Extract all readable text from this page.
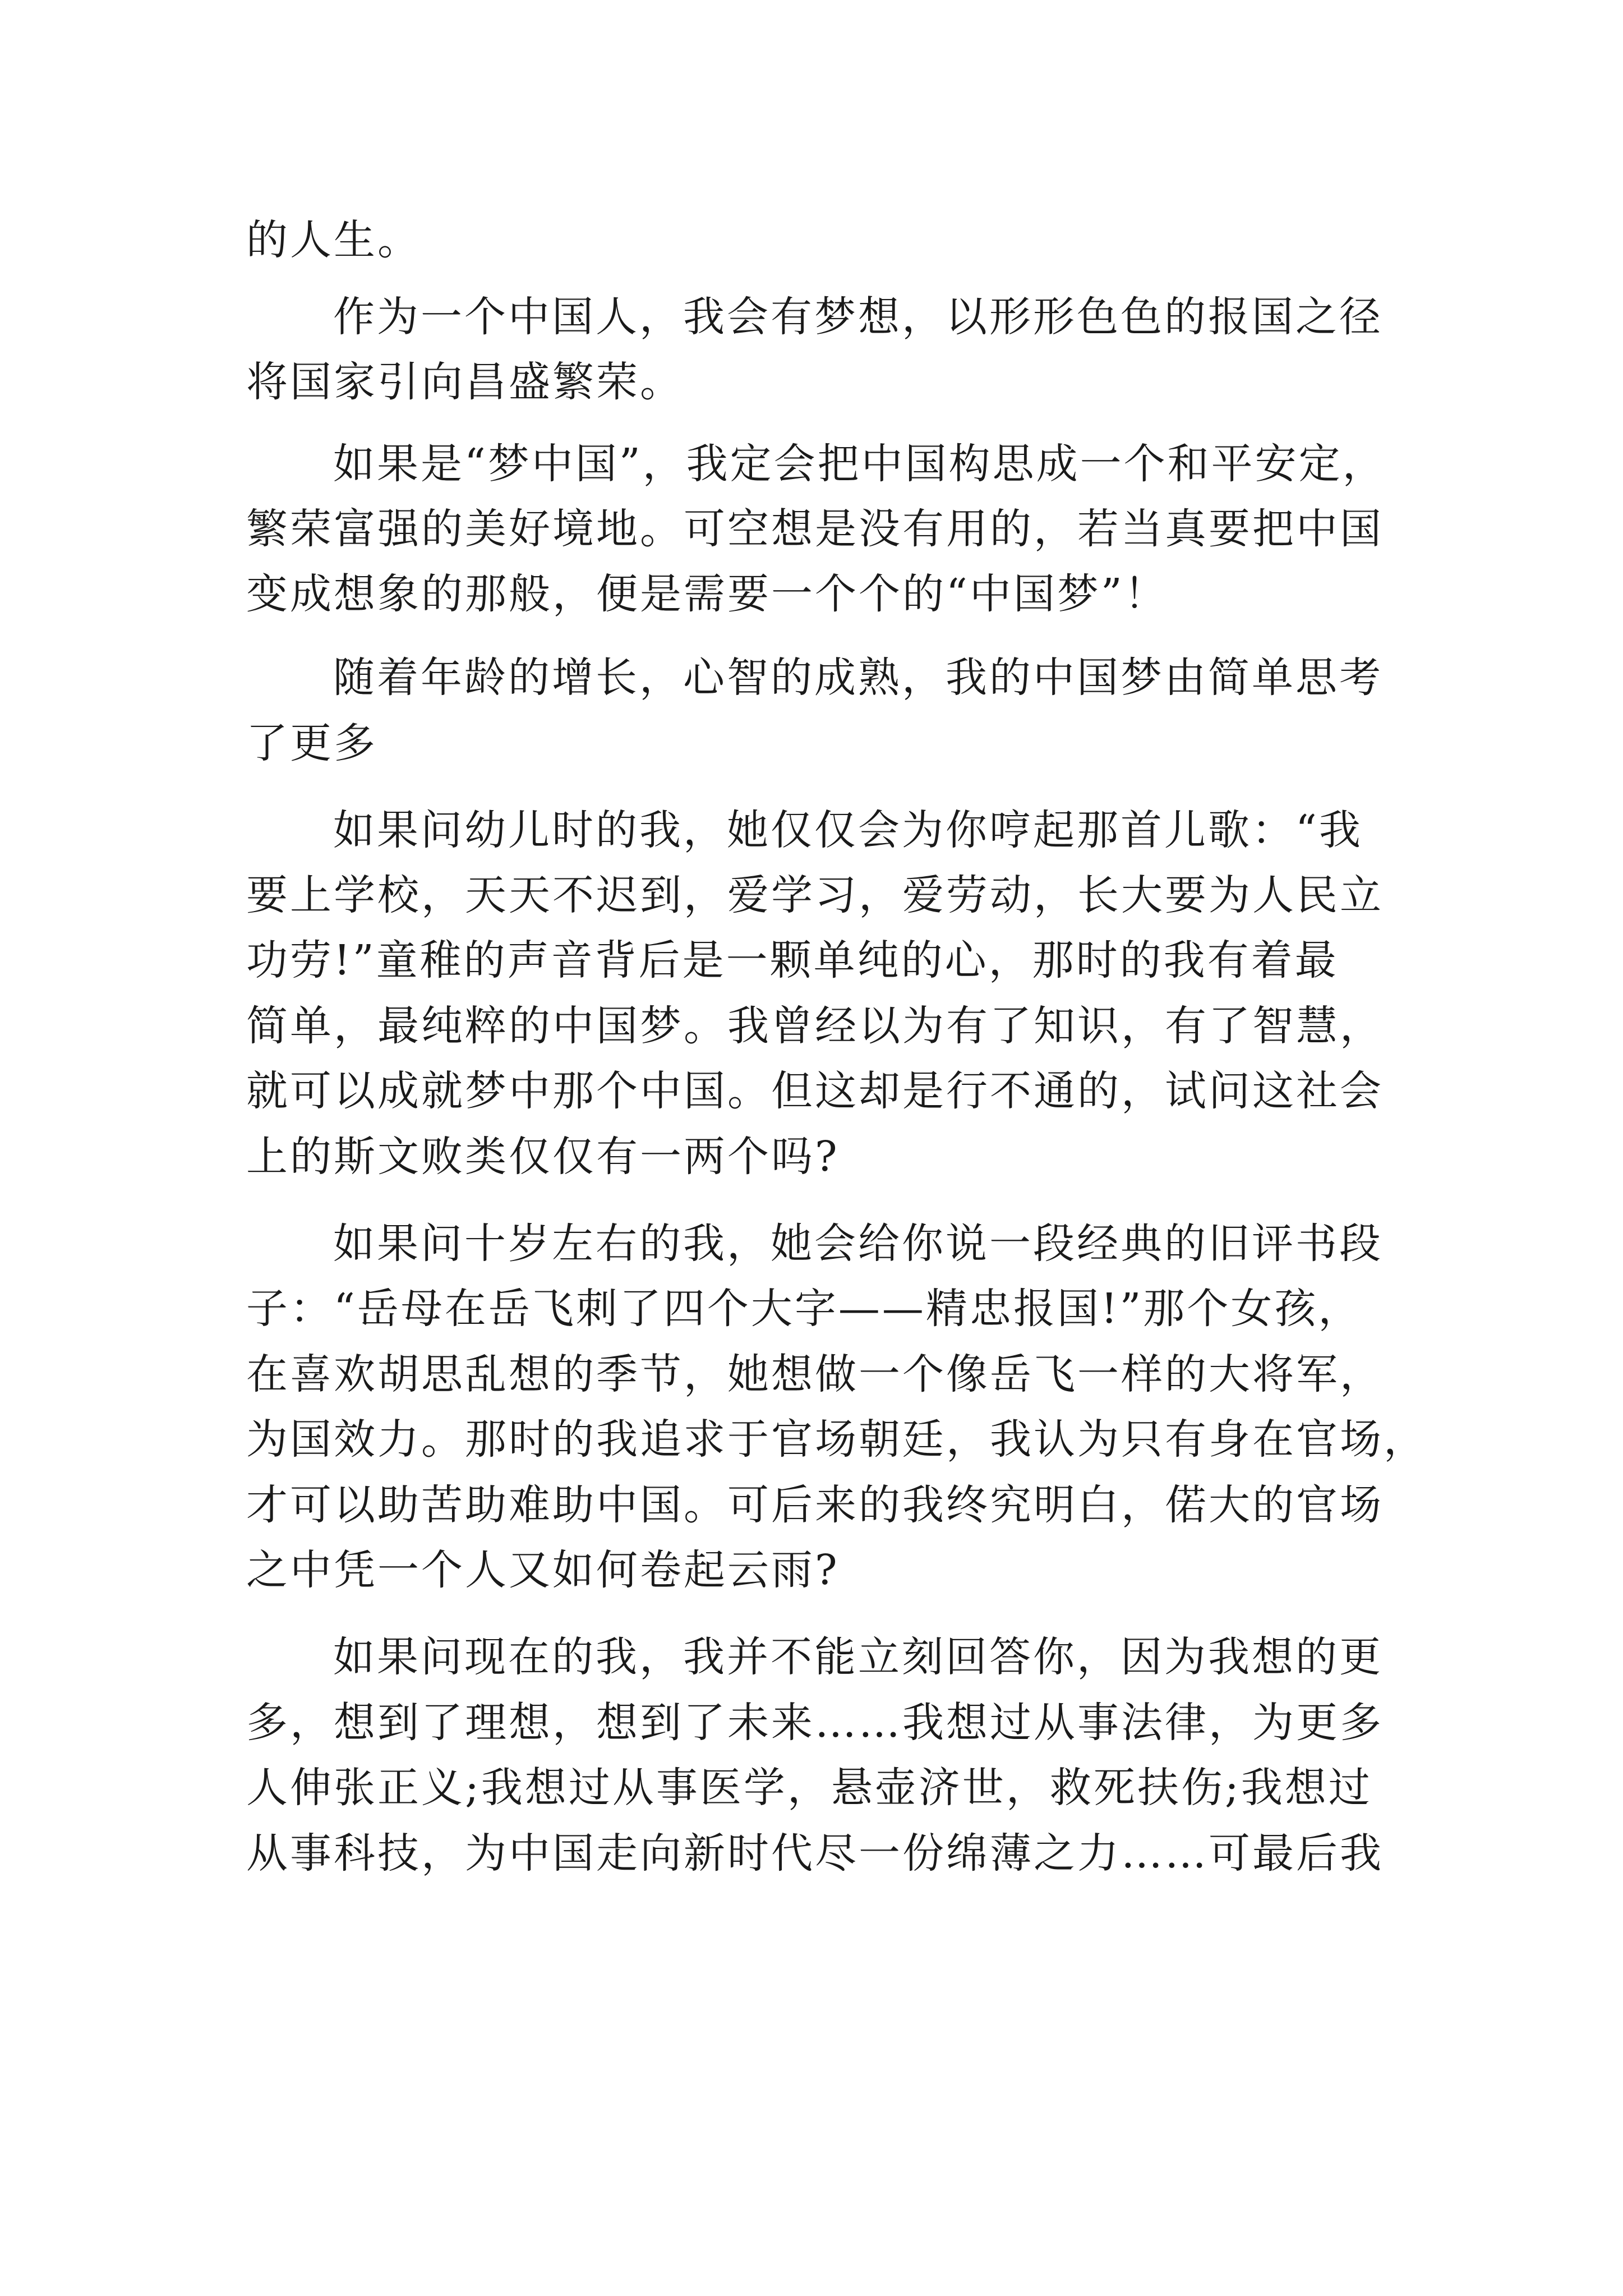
的人生。
作为一个中国人，我会有梦想，以形形色色的报国之径
将国家引向昌盛繁荣。
如果是“梦中国”，我定会把中国构思成一个和平安定，
繁荣富强的美好境地。可空想是没有用的，若当真要把中国
变成想象的那般，便是需要一个个的“中国梦”！
随着年龄的增长，心智的成熟，我的中国梦由简单思考
了更多
如果问幼儿时的我，她仅仅会为你哼起那首儿歌：“我
要上学校，天天不迟到，爱学习，爱劳动，长大要为人民立
功劳!”童稚的声音背后是一颗单纯的心，那时的我有着最
简单，最纯粹的中国梦。我曾经以为有了知识，有了智慧，
就可以成就梦中那个中国。但这却是行不通的，试问这社会
上的斯文败类仅仅有一两个吗?
如果问十岁左右的我，她会给你说一段经典的旧评书段
子：“岳母在岳飞刺了四个大字——精忠报国!”那个女孩，
在喜欢胡思乱想的季节，她想做一个像岳飞一样的大将军，
为国效力。那时的我追求于官场朝廷，我认为只有身在官场，
才可以助苦助难助中国。可后来的我终究明白，偌大的官场
之中凭一个人又如何卷起云雨?
如果问现在的我，我并不能立刻回答你，因为我想的更
多，想到了理想，想到了未来……我想过从事法律，为更多
人伸张正义;我想过从事医学，悬壶济世，救死扶伤;我想过
从事科技，为中国走向新时代尽一份绵薄之力……可最后我
